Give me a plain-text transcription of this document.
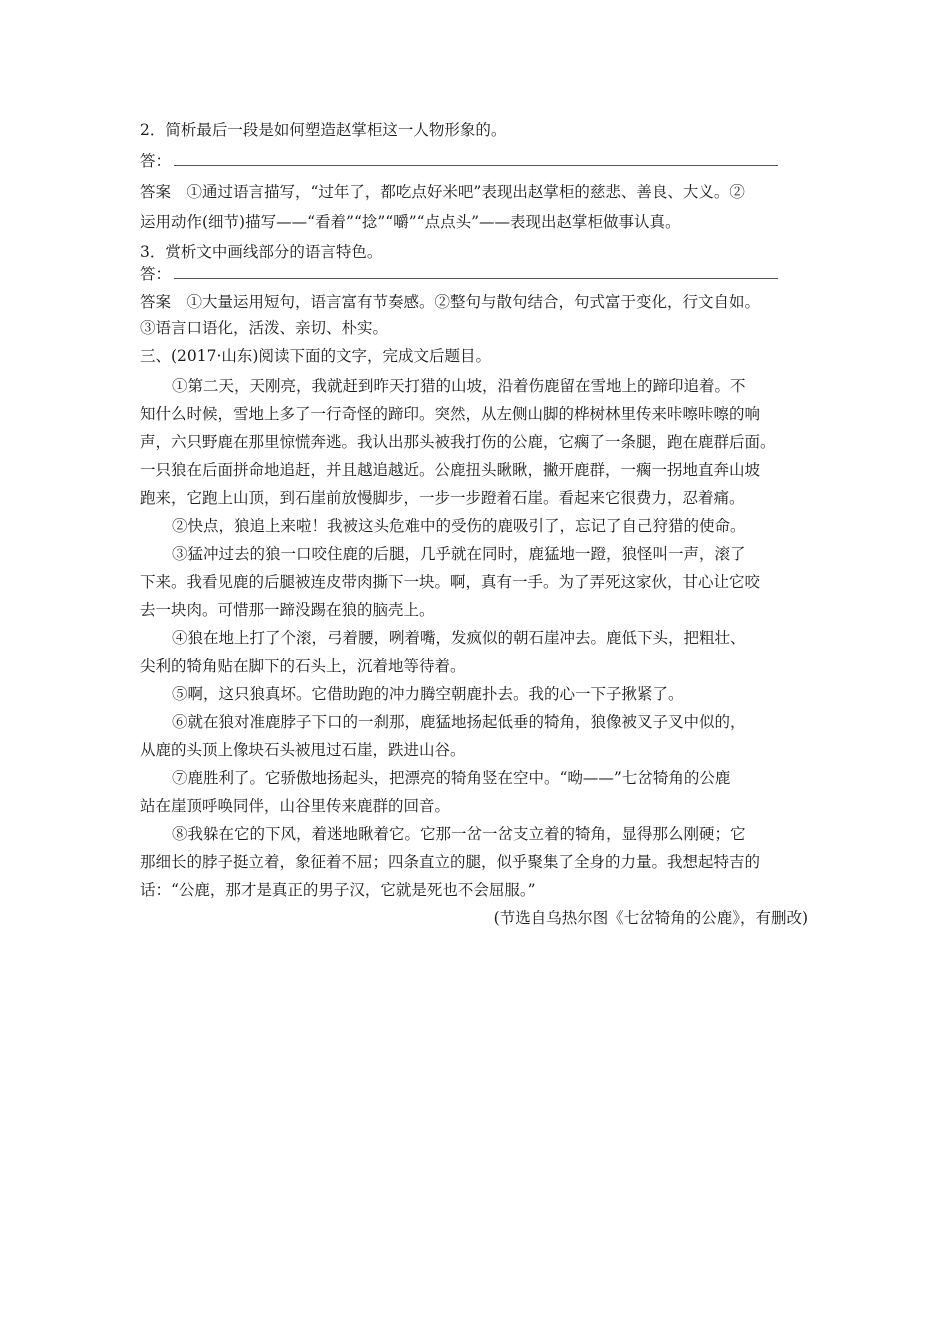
2．简析最后一段是如何塑造赵掌柜这一人物形象的。
答：
答案　①通过语言描写，“过年了，都吃点好米吧”表现出赵掌柜的慈悲、善良、大义。②
运用动作(细节)描写——“看着”“捻”“嚼”“点点头”——表现出赵掌柜做事认真。
3．赏析文中画线部分的语言特色。
答：
答案　①大量运用短句，语言富有节奏感。②整句与散句结合，句式富于变化，行文自如。
③语言口语化，活泼、亲切、朴实。
三、(2017·山东)阅读下面的文字，完成文后题目。
①第二天，天刚亮，我就赶到昨天打猎的山坡，沿着伤鹿留在雪地上的蹄印追着。不
知什么时候，雪地上多了一行奇怪的蹄印。突然，从左侧山脚的桦树林里传来咔嚓咔嚓的响
声，六只野鹿在那里惊慌奔逃。我认出那头被我打伤的公鹿，它瘸了一条腿，跑在鹿群后面。
一只狼在后面拼命地追赶，并且越追越近。公鹿扭头瞅瞅，撇开鹿群，一瘸一拐地直奔山坡
跑来，它跑上山顶，到石崖前放慢脚步，一步一步蹬着石崖。看起来它很费力，忍着痛。
②快点，狼追上来啦！我被这头危难中的受伤的鹿吸引了，忘记了自己狩猎的使命。
③猛冲过去的狼一口咬住鹿的后腿，几乎就在同时，鹿猛地一蹬，狼怪叫一声，滚了
下来。我看见鹿的后腿被连皮带肉撕下一块。啊，真有一手。为了弄死这家伙，甘心让它咬
去一块肉。可惜那一蹄没踢在狼的脑壳上。
④狼在地上打了个滚，弓着腰，咧着嘴，发疯似的朝石崖冲去。鹿低下头，把粗壮、
尖利的犄角贴在脚下的石头上，沉着地等待着。
⑤啊，这只狼真坏。它借助跑的冲力腾空朝鹿扑去。我的心一下子揪紧了。
⑥就在狼对准鹿脖子下口的一刹那，鹿猛地扬起低垂的犄角，狼像被叉子叉中似的，
从鹿的头顶上像块石头被甩过石崖，跌进山谷。
⑦鹿胜利了。它骄傲地扬起头，把漂亮的犄角竖在空中。“呦——”七岔犄角的公鹿
站在崖顶呼唤同伴，山谷里传来鹿群的回音。
⑧我躲在它的下风，着迷地瞅着它。它那一岔一岔支立着的犄角，显得那么刚硬；它
那细长的脖子挺立着，象征着不屈；四条直立的腿，似乎聚集了全身的力量。我想起特吉的
话：“公鹿，那才是真正的男子汉，它就是死也不会屈服。”
(节选自乌热尔图《七岔犄角的公鹿》，有删改)
